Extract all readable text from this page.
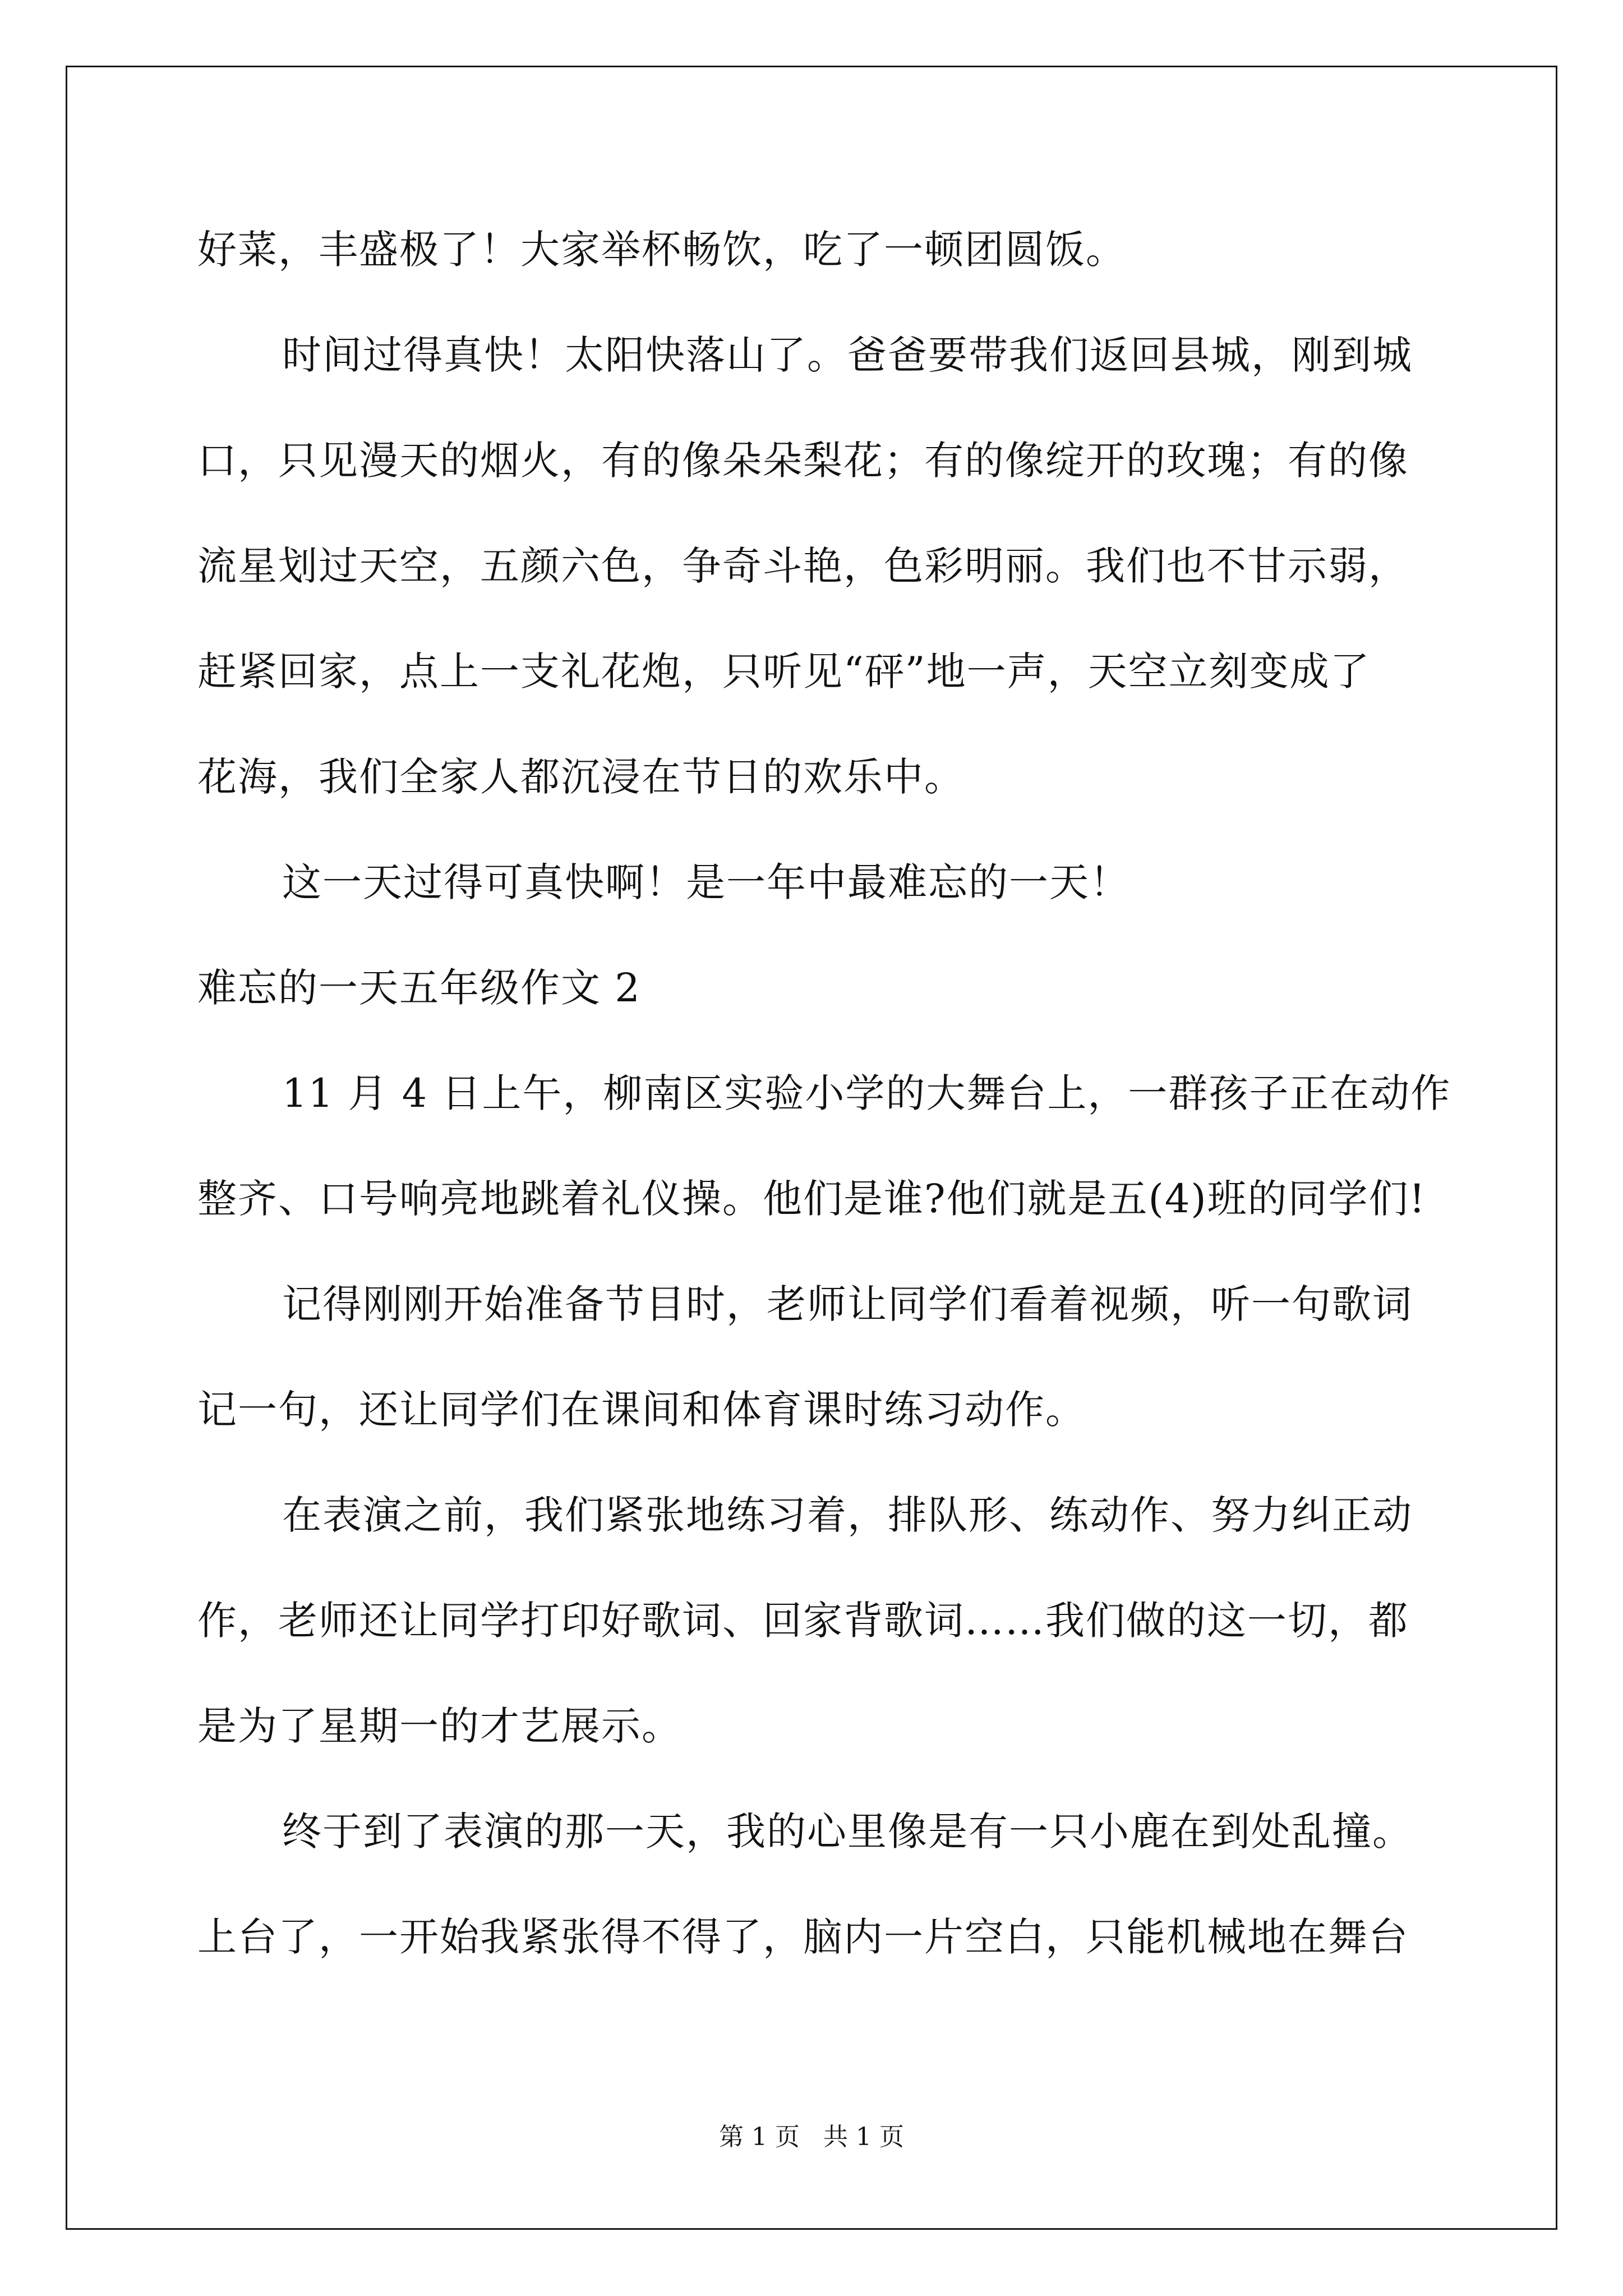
好菜，丰盛极了！大家举杯畅饮，吃了一顿团圆饭。
时间过得真快！太阳快落山了。爸爸要带我们返回县城，刚到城
口，只见漫天的烟火，有的像朵朵梨花；有的像绽开的玫瑰；有的像
流星划过天空，五颜六色，争奇斗艳，色彩明丽。我们也不甘示弱，
赶紧回家，点上一支礼花炮，只听见“砰”地一声，天空立刻变成了
花海，我们全家人都沉浸在节日的欢乐中。
这一天过得可真快啊！是一年中最难忘的一天！
难忘的一天五年级作文 2
11 月 4 日上午，柳南区实验小学的大舞台上，一群孩子正在动作
整齐、口号响亮地跳着礼仪操。他们是谁?他们就是五(4)班的同学们!
记得刚刚开始准备节目时，老师让同学们看着视频，听一句歌词
记一句，还让同学们在课间和体育课时练习动作。
在表演之前，我们紧张地练习着，排队形、练动作、努力纠正动
作，老师还让同学打印好歌词、回家背歌词……我们做的这一切，都
是为了星期一的才艺展示。
终于到了表演的那一天，我的心里像是有一只小鹿在到处乱撞。
上台了，一开始我紧张得不得了，脑内一片空白，只能机械地在舞台
第 1 页   共 1 页
